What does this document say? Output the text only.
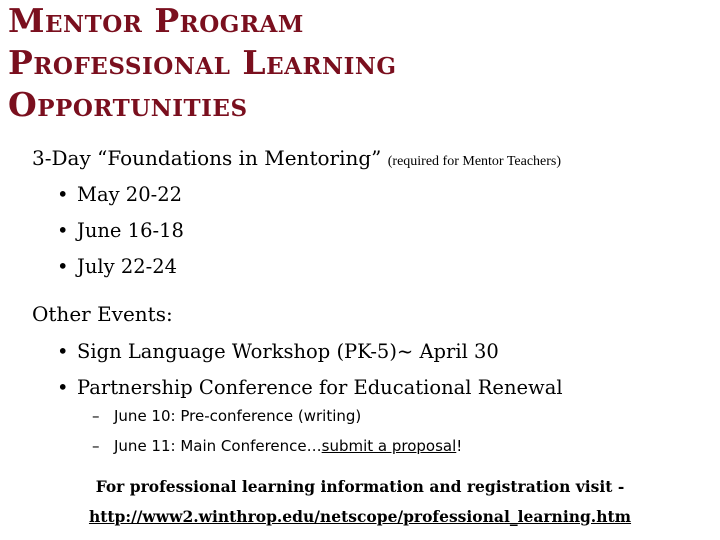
Mentor Program
Professional Learning
Opportunities
3-Day “Foundations in Mentoring” (required for Mentor Teachers)
• May 20-22
• June 16-18
• July 22-24
Other Events:
• Sign Language Workshop (PK-5)~ April 30
• Partnership Conference for Educational Renewal
– June 10: Pre-conference (writing)
– June 11: Main Conference…submit a proposal!
For professional learning information and registration visit -
http://www2.winthrop.edu/netscope/professional_learning.htm
